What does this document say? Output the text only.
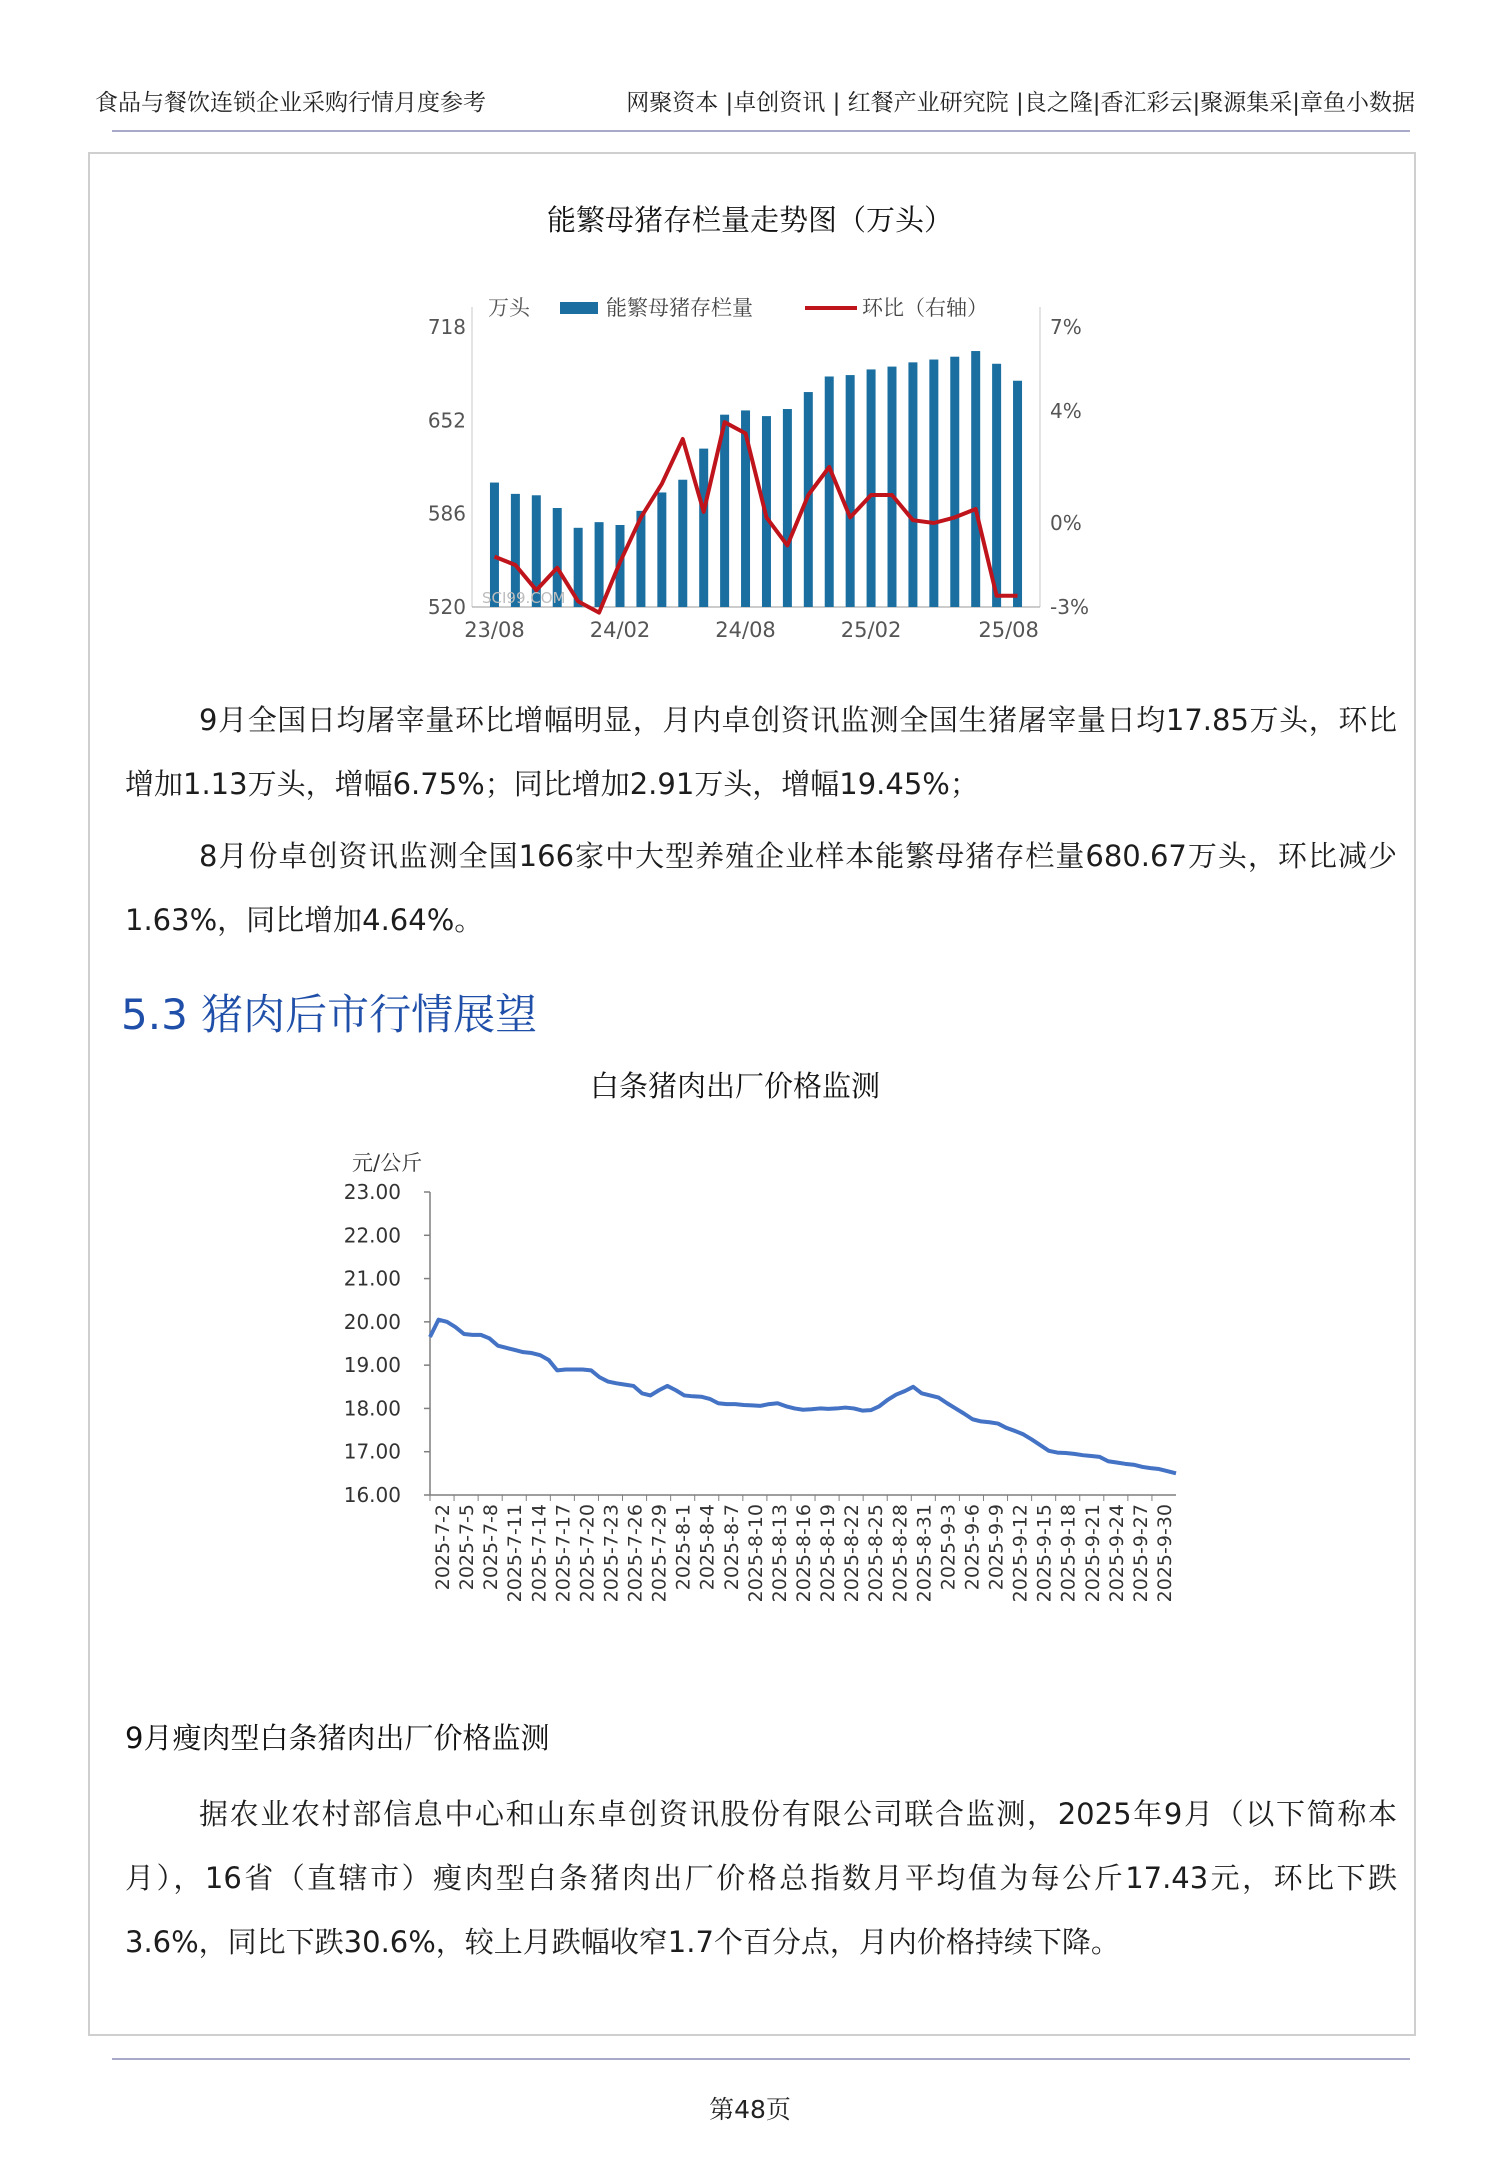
食品与餐饮连锁企业采购行情月度参考	网聚资本 |卓创资讯 | 红餐产业研究院 |良之隆|香汇彩云|聚源集采|章鱼小数据
能繁母猪存栏量走势图（万头）
718
652
586
520
7%
4%
0%
-3%
万头	能繁母猪存栏量	环比（右轴）
23/08	24/02	24/08	25/02	25/08
SCI99.COM
9月全国日均屠宰量环比增幅明显，月内卓创资讯监测全国生猪屠宰量日均17.85万头，环比增加1.13万头，增幅6.75%；同比增加2.91万头，增幅19.45%；
8月份卓创资讯监测全国166家中大型养殖企业样本能繁母猪存栏量680.67万头，环比减少1.63%，同比增加4.64%。
5.3 猪肉后市行情展望
白条猪肉出厂价格监测
23.00
22.00
21.00
20.00
19.00
18.00
17.00
16.00
元/公斤
2025-7-2 2025-7-5 2025-7-8 2025-7-11 2025-7-14 2025-7-17 2025-7-20 2025-7-23 2025-7-26 2025-7-29 2025-8-1 2025-8-4 2025-8-7 2025-8-10 2025-8-13 2025-8-16 2025-8-19 2025-8-22 2025-8-25 2025-8-28 2025-8-31 2025-9-3 2025-9-6 2025-9-9 2025-9-12 2025-9-15 2025-9-18 2025-9-21 2025-9-24 2025-9-27 2025-9-30
9月瘦肉型白条猪肉出厂价格监测
据农业农村部信息中心和山东卓创资讯股份有限公司联合监测，2025年9月（以下简称本月），16省（直辖市）瘦肉型白条猪肉出厂价格总指数月平均值为每公斤17.43元，环比下跌3.6%，同比下跌30.6%，较上月跌幅收窄1.7个百分点，月内价格持续下降。
第48页
